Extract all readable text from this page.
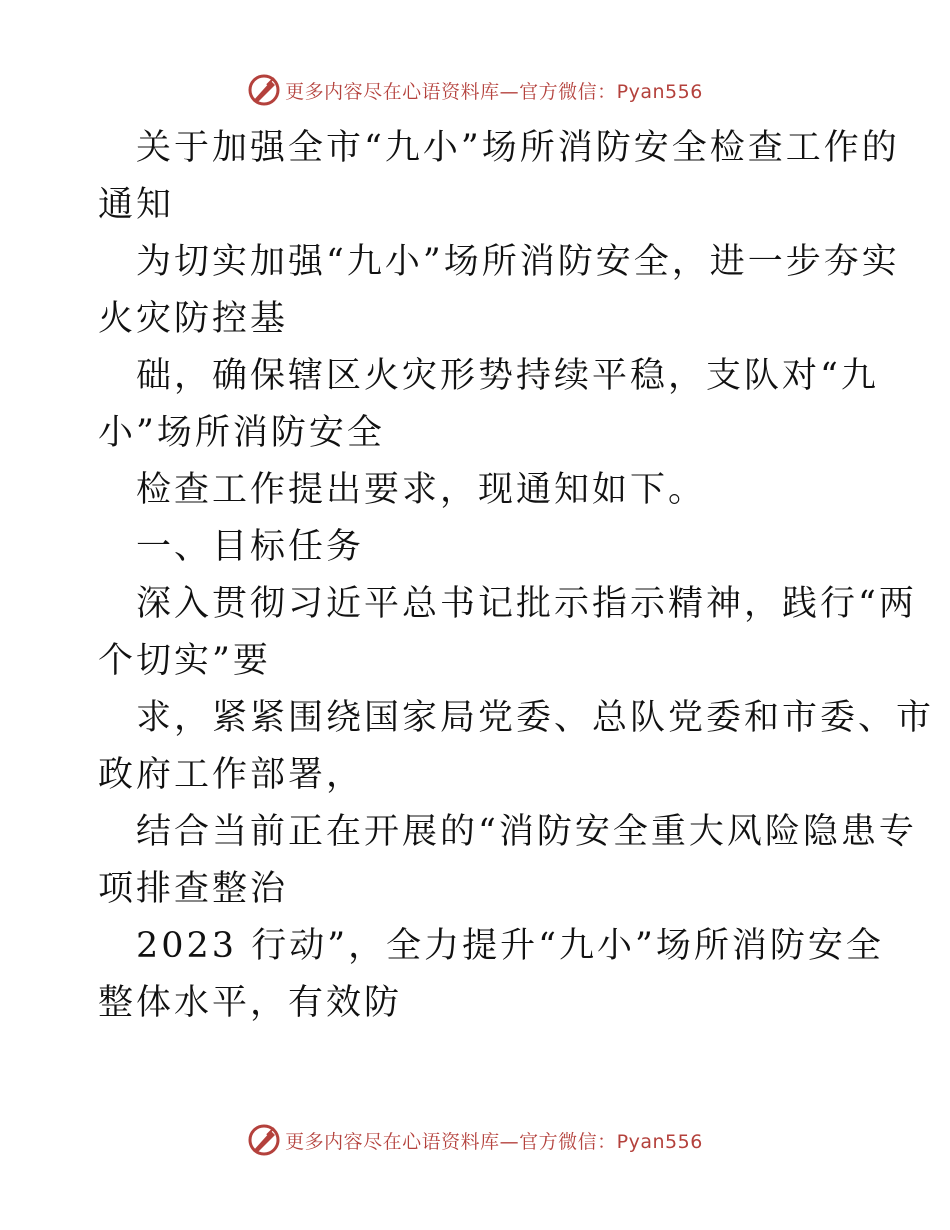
更多内容尽在心语资料库—官方微信：Pyan556
关于加强全市“九小”场所消防安全检查工作的
通知
为切实加强“九小”场所消防安全，进一步夯实
火灾防控基
础，确保辖区火灾形势持续平稳，支队对“九
小”场所消防安全
检查工作提出要求，现通知如下。
一、目标任务
深入贯彻习近平总书记批示指示精神，践行“两
个切实”要
求，紧紧围绕国家局党委、总队党委和市委、市
政府工作部署，
结合当前正在开展的“消防安全重大风险隐患专
项排查整治
2023 行动”，全力提升“九小”场所消防安全
整体水平，有效防
更多内容尽在心语资料库—官方微信：Pyan556
